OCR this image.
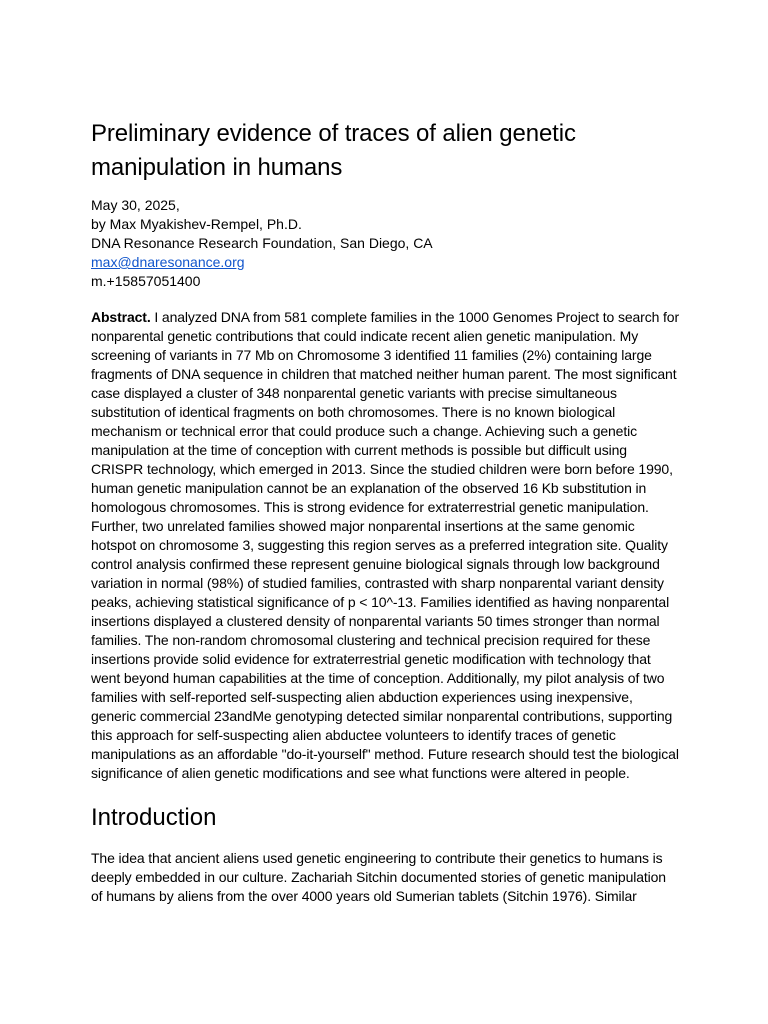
Preliminary evidence of traces of alien genetic manipulation in humans
May 30, 2025,
by Max Myakishev-Rempel, Ph.D.
DNA Resonance Research Foundation, San Diego, CA
max@dnaresonance.org
m.+15857051400
Abstract. I analyzed DNA from 581 complete families in the 1000 Genomes Project to search for nonparental genetic contributions that could indicate recent alien genetic manipulation. My screening of variants in 77 Mb on Chromosome 3 identified 11 families (2%) containing large fragments of DNA sequence in children that matched neither human parent. The most significant case displayed a cluster of 348 nonparental genetic variants with precise simultaneous substitution of identical fragments on both chromosomes. There is no known biological mechanism or technical error that could produce such a change. Achieving such a genetic manipulation at the time of conception with current methods is possible but difficult using CRISPR technology, which emerged in 2013. Since the studied children were born before 1990, human genetic manipulation cannot be an explanation of the observed 16 Kb substitution in homologous chromosomes. This is strong evidence for extraterrestrial genetic manipulation. Further, two unrelated families showed major nonparental insertions at the same genomic hotspot on chromosome 3, suggesting this region serves as a preferred integration site. Quality control analysis confirmed these represent genuine biological signals through low background variation in normal (98%) of studied families, contrasted with sharp nonparental variant density peaks, achieving statistical significance of p < 10^-13. Families identified as having nonparental insertions displayed a clustered density of nonparental variants 50 times stronger than normal families. The non-random chromosomal clustering and technical precision required for these insertions provide solid evidence for extraterrestrial genetic modification with technology that went beyond human capabilities at the time of conception. Additionally, my pilot analysis of two families with self-reported self-suspecting alien abduction experiences using inexpensive, generic commercial 23andMe genotyping detected similar nonparental contributions, supporting this approach for self-suspecting alien abductee volunteers to identify traces of genetic manipulations as an affordable "do-it-yourself" method. Future research should test the biological significance of alien genetic modifications and see what functions were altered in people.
Introduction
The idea that ancient aliens used genetic engineering to contribute their genetics to humans is deeply embedded in our culture. Zachariah Sitchin documented stories of genetic manipulation of humans by aliens from the over 4000 years old Sumerian tablets (Sitchin 1976). Similar
